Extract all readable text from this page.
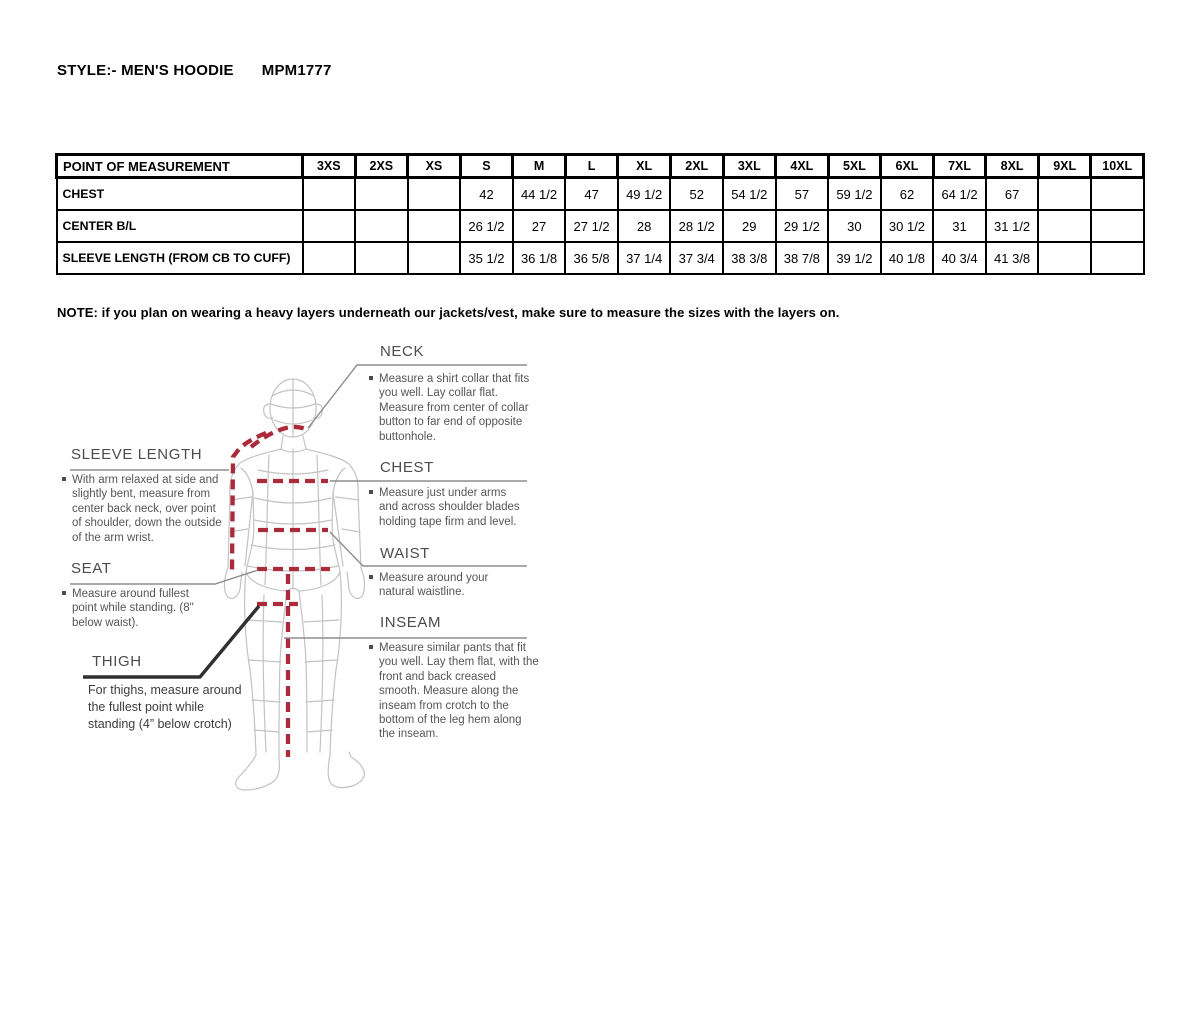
STYLE:- MEN'S HOODIE MPM1777
POINT OF MEASUREMENT	3XS	2XS	XS	S	M	L	XL	2XL	3XL	4XL	5XL	6XL	7XL	8XL	9XL	10XL
CHEST				42	44 1/2	47	49 1/2	52	54 1/2	57	59 1/2	62	64 1/2	67		
CENTER B/L				26 1/2	27	27 1/2	28	28 1/2	29	29 1/2	30	30 1/2	31	31 1/2		
SLEEVE LENGTH (FROM CB TO CUFF)				35 1/2	36 1/8	36 5/8	37 1/4	37 3/4	38 3/8	38 7/8	39 1/2	40 1/8	40 3/4	41 3/8		
NOTE: if you plan on wearing a heavy layers underneath our jackets/vest, make sure to measure the sizes with the layers on.
NECK
Measure a shirt collar that fits you well. Lay collar flat. Measure from center of collar button to far end of opposite buttonhole.
CHEST
Measure just under arms and across shoulder blades holding tape firm and level.
WAIST
Measure around your natural waistline.
INSEAM
Measure similar pants that fit you well. Lay them flat, with the front and back creased smooth. Measure along the inseam from crotch to the bottom of the leg hem along the inseam.
SLEEVE LENGTH
With arm relaxed at side and slightly bent, measure from center back neck, over point of shoulder, down the outside of the arm wrist.
SEAT
Measure around fullest point while standing. (8" below waist).
THIGH
For thighs, measure around the fullest point while standing (4” below crotch)
